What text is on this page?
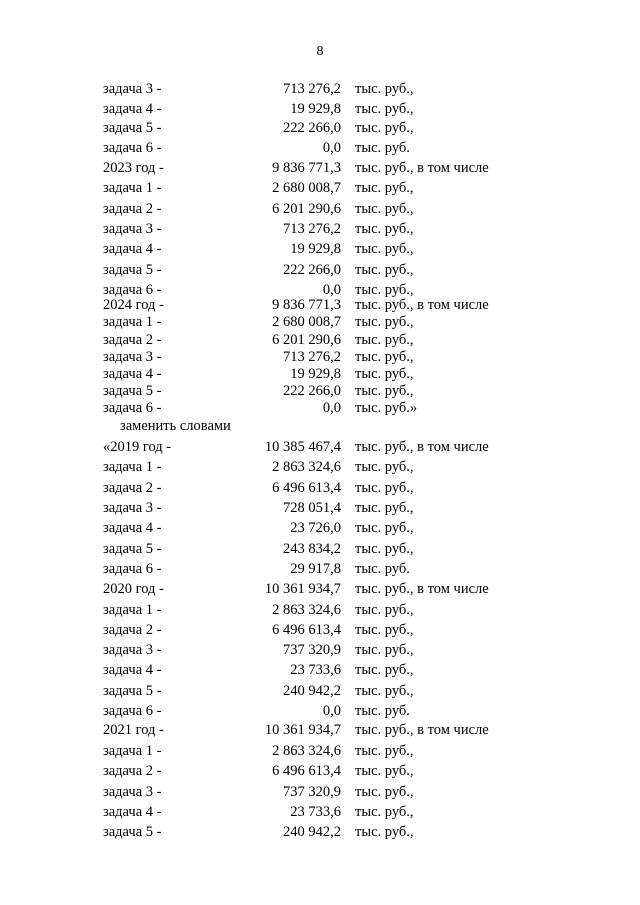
8
задача 3 -	713 276,2 тыс. руб.,
задача 4 -	19 929,8 тыс. руб.,
задача 5 -	222 266,0 тыс. руб.,
задача 6 -	0,0 тыс. руб.
2023 год -	9 836 771,3 тыс. руб., в том числе
задача 1 -	2 680 008,7 тыс. руб.,
задача 2 -	6 201 290,6 тыс. руб.,
задача 3 -	713 276,2 тыс. руб.,
задача 4 -	19 929,8 тыс. руб.,
задача 5 -	222 266,0 тыс. руб.,
задача 6 -	0,0 тыс. руб.,
2024 год -	9 836 771,3 тыс. руб., в том числе
задача 1 -	2 680 008,7 тыс. руб.,
задача 2 -	6 201 290,6 тыс. руб.,
задача 3 -	713 276,2 тыс. руб.,
задача 4 -	19 929,8 тыс. руб.,
задача 5 -	222 266,0 тыс. руб.,
задача 6 -	0,0 тыс. руб.»
заменить словами
«2019 год -	10 385 467,4 тыс. руб., в том числе
задача 1 -	2 863 324,6 тыс. руб.,
задача 2 -	6 496 613,4 тыс. руб.,
задача 3 -	728 051,4 тыс. руб.,
задача 4 -	23 726,0 тыс. руб.,
задача 5 -	243 834,2 тыс. руб.,
задача 6 -	29 917,8 тыс. руб.
2020 год -	10 361 934,7 тыс. руб., в том числе
задача 1 -	2 863 324,6 тыс. руб.,
задача 2 -	6 496 613,4 тыс. руб.,
задача 3 -	737 320,9 тыс. руб.,
задача 4 -	23 733,6 тыс. руб.,
задача 5 -	240 942,2 тыс. руб.,
задача 6 -	0,0 тыс. руб.
2021 год -	10 361 934,7 тыс. руб., в том числе
задача 1 -	2 863 324,6 тыс. руб.,
задача 2 -	6 496 613,4 тыс. руб.,
задача 3 -	737 320,9 тыс. руб.,
задача 4 -	23 733,6 тыс. руб.,
задача 5 -	240 942,2 тыс. руб.,
